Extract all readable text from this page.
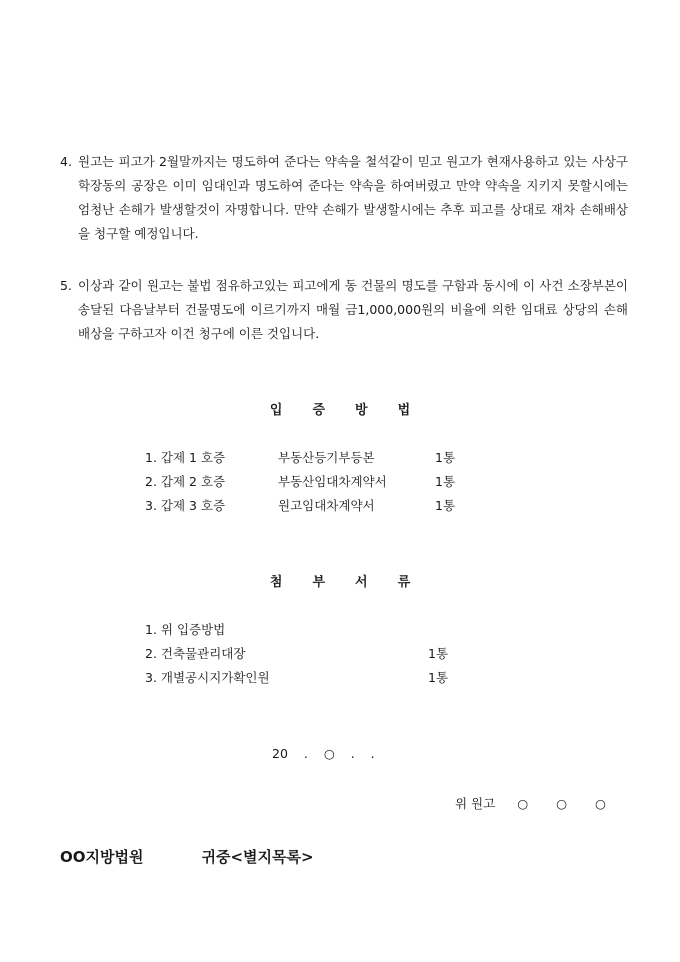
4. 원고는 피고가 2월말까지는 명도하여 준다는 약속을 철석같이 믿고 원고가 현재사용하고 있는 사상구 학장동의 공장은 이미 임대인과 명도하여 준다는 약속을 하여버렸고 만약 약속을 지키지 못할시에는 엄청난 손해가 발생할것이 자명합니다. 만약 손해가 발생할시에는 추후 피고를 상대로 재차 손해배상을 청구할 예정입니다.
5. 이상과 같이 원고는 불법 점유하고있는 피고에게 동 건물의 명도를 구함과 동시에 이 사건 소장부본이 송달된 다음날부터 건물명도에 이르기까지 매월 금1,000,000원의 비율에 의한 임대료 상당의 손해배상을 구하고자 이건 청구에 이른 것입니다.
입 증 방 법
1. 갑제 1 호증	부동산등기부등본	1통
2. 갑제 2 호증	부동산임대차계약서	1통
3. 갑제 3 호증	원고임대차계약서	1통
첨 부 서 류
1. 위 입증방법
2. 건축물관리대장	1통
3. 개별공시지가확인원	1통
20 . ○ . .
위 원고 ○○○
OO지방법원	귀중<별지목록>
